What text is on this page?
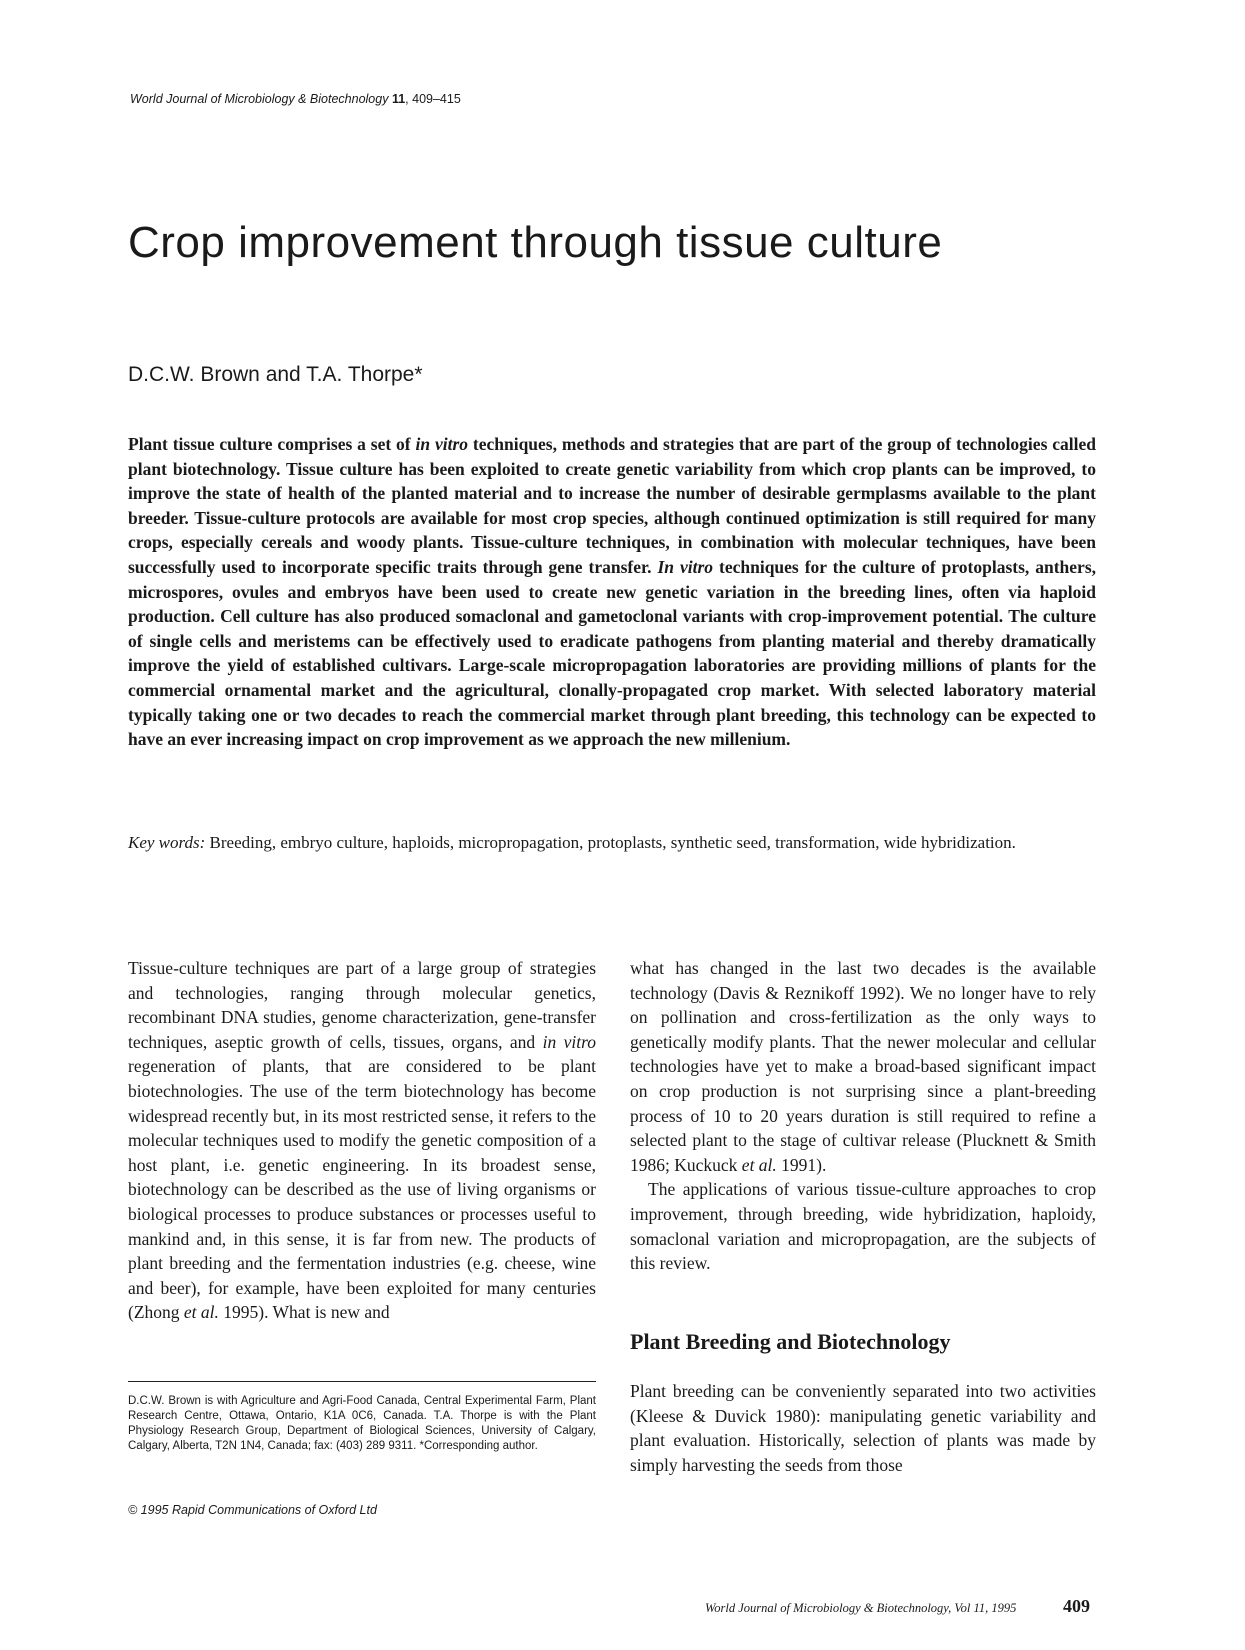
World Journal of Microbiology & Biotechnology 11, 409–415
Crop improvement through tissue culture
D.C.W. Brown and T.A. Thorpe*

Plant tissue culture comprises a set of in vitro techniques, methods and strategies that are part of the group of technologies called plant biotechnology. Tissue culture has been exploited to create genetic variability from which crop plants can be improved, to improve the state of health of the planted material and to increase the number of desirable germplasms available to the plant breeder. Tissue-culture protocols are available for most crop species, although continued optimization is still required for many crops, especially cereals and woody plants. Tissue-culture techniques, in combination with molecular techniques, have been successfully used to incorporate specific traits through gene transfer. In vitro techniques for the culture of protoplasts, anthers, microspores, ovules and embryos have been used to create new genetic variation in the breeding lines, often via haploid production. Cell culture has also produced somaclonal and gametoclonal variants with crop-improvement potential. The culture of single cells and meristems can be effectively used to eradicate pathogens from planting material and thereby dramatically improve the yield of established cultivars. Large-scale micropropagation laboratories are providing millions of plants for the commercial ornamental market and the agricultural, clonally-propagated crop market. With selected laboratory material typically taking one or two decades to reach the commercial market through plant breeding, this technology can be expected to have an ever increasing impact on crop improvement as we approach the new millenium.

Key words: Breeding, embryo culture, haploids, micropropagation, protoplasts, synthetic seed, transformation, wide hybridization.

Tissue-culture techniques are part of a large group of strategies and technologies, ranging through molecular genetics, recombinant DNA studies, genome characterization, gene-transfer techniques, aseptic growth of cells, tissues, organs, and in vitro regeneration of plants, that are considered to be plant biotechnologies. The use of the term biotechnology has become widespread recently but, in its most restricted sense, it refers to the molecular techniques used to modify the genetic composition of a host plant, i.e. genetic engineering. In its broadest sense, biotechnology can be described as the use of living organisms or biological processes to produce substances or processes useful to mankind and, in this sense, it is far from new. The products of plant breeding and the fermentation industries (e.g. cheese, wine and beer), for example, have been exploited for many centuries (Zhong et al. 1995). What is new and

what has changed in the last two decades is the available technology (Davis & Reznikoff 1992). We no longer have to rely on pollination and cross-fertilization as the only ways to genetically modify plants. That the newer molecular and cellular technologies have yet to make a broad-based significant impact on crop production is not surprising since a plant-breeding process of 10 to 20 years duration is still required to refine a selected plant to the stage of cultivar release (Plucknett & Smith 1986; Kuckuck et al. 1991).

The applications of various tissue-culture approaches to crop improvement, through breeding, wide hybridization, haploidy, somaclonal variation and micropropagation, are the subjects of this review.

Plant Breeding and Biotechnology

Plant breeding can be conveniently separated into two activities (Kleese & Duvick 1980): manipulating genetic variability and plant evaluation. Historically, selection of plants was made by simply harvesting the seeds from those

D.C.W. Brown is with Agriculture and Agri-Food Canada, Central Experimental Farm, Plant Research Centre, Ottawa, Ontario, K1A 0C6, Canada. T.A. Thorpe is with the Plant Physiology Research Group, Department of Biological Sciences, University of Calgary, Calgary, Alberta, T2N 1N4, Canada; fax: (403) 289 9311. *Corresponding author.

© 1995 Rapid Communications of Oxford Ltd
World Journal of Microbiology & Biotechnology, Vol 11, 1995	409
